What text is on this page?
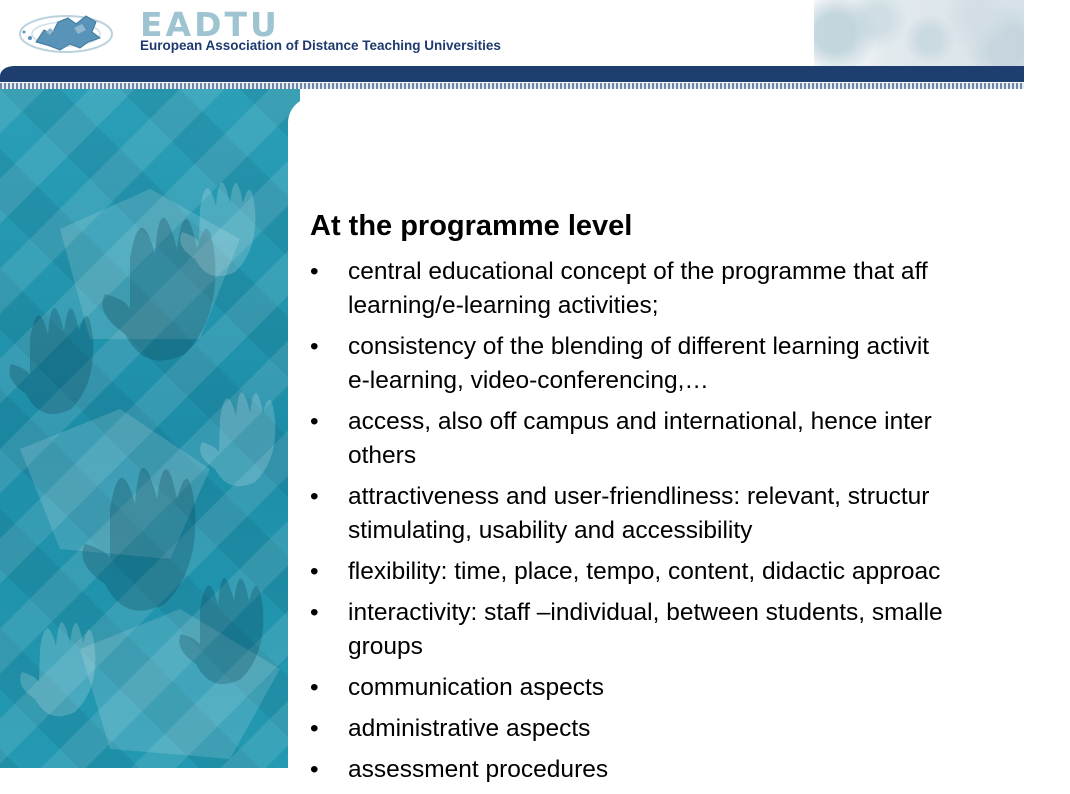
EADTU
European Association of Distance Teaching Universities
At the programme level
• central educational concept of the programme that aff
learning/e-learning activities;
• consistency of the blending of different learning activit
e-learning, video-conferencing,…
• access, also off campus and international, hence inter
others
• attractiveness and user-friendliness: relevant, structur
stimulating, usability and accessibility
• flexibility: time, place, tempo, content, didactic approac
• interactivity: staff –individual, between students, smalle
groups
• communication aspects
• administrative aspects
• assessment procedures
